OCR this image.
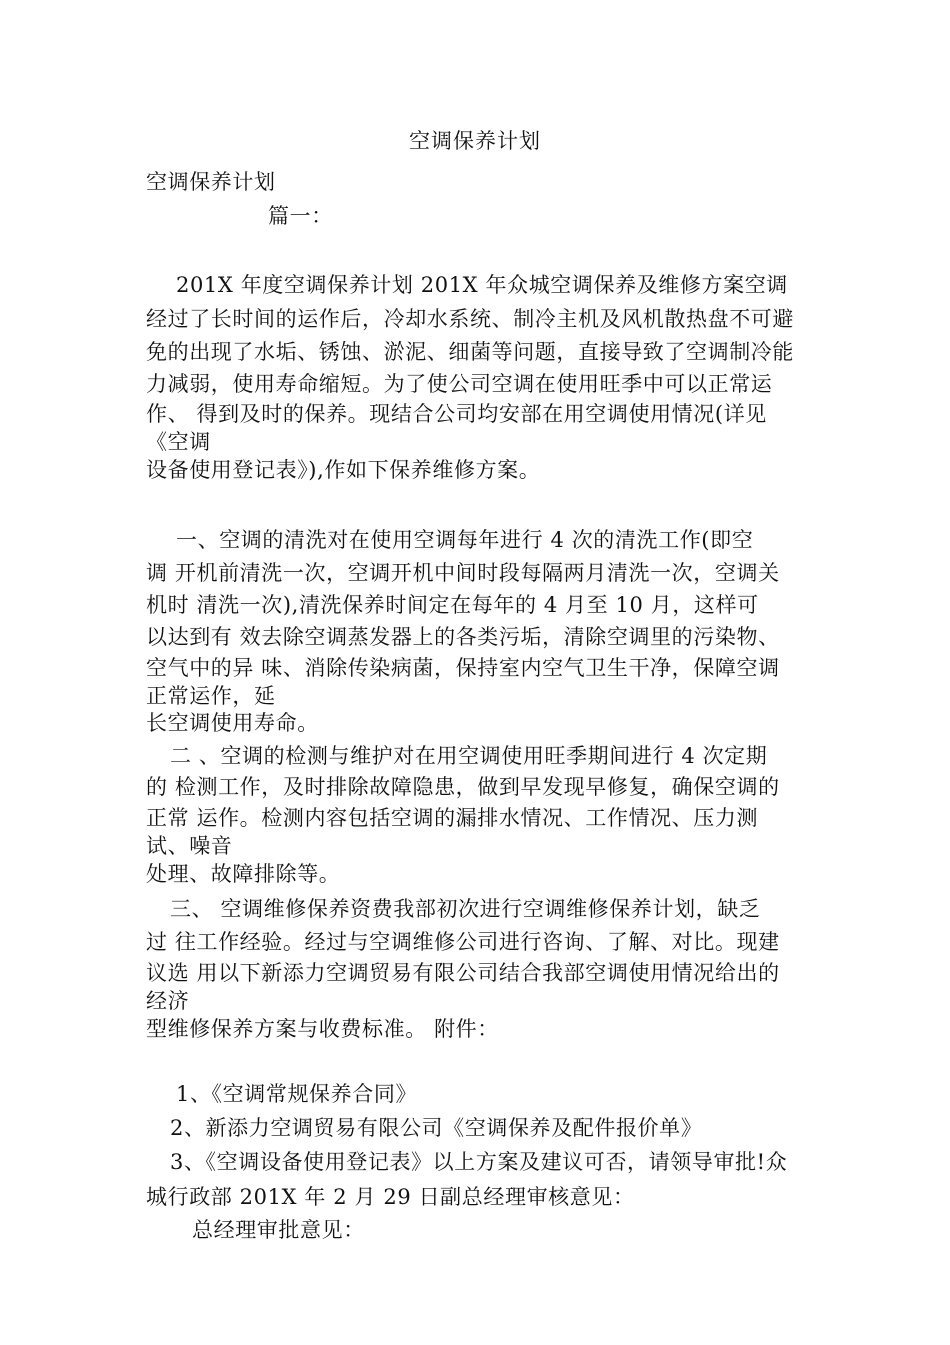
空调保养计划
空调保养计划
篇一：
201X 年度空调保养计划 201X 年众城空调保养及维修方案空调
经过了长时间的运作后，冷却水系统、制冷主机及风机散热盘不可避
免的出现了水垢、锈蚀、淤泥、细菌等问题，直接导致了空调制冷能
力减弱，使用寿命缩短。为了使公司空调在使用旺季中可以正常运
作、 得到及时的保养。现结合公司均安部在用空调使用情况(详见
《空调
设备使用登记表》),作如下保养维修方案。
一、空调的清洗对在使用空调每年进行 4 次的清洗工作(即空
调 开机前清洗一次，空调开机中间时段每隔两月清洗一次，空调关
机时 清洗一次),清洗保养时间定在每年的 4 月至 10 月，这样可
以达到有 效去除空调蒸发器上的各类污垢，清除空调里的污染物、
空气中的异 味、消除传染病菌，保持室内空气卫生干净，保障空调
正常运作，延
长空调使用寿命。
二 、空调的检测与维护对在用空调使用旺季期间进行 4 次定期
的 检测工作，及时排除故障隐患，做到早发现早修复，确保空调的
正常 运作。检测内容包括空调的漏排水情况、工作情况、压力测
试、噪音
处理、故障排除等。
三、 空调维修保养资费我部初次进行空调维修保养计划，缺乏
过 往工作经验。经过与空调维修公司进行咨询、了解、对比。现建
议选 用以下新添力空调贸易有限公司结合我部空调使用情况给出的
经济
型维修保养方案与收费标准。 附件：
1、《空调常规保养合同》
2、新添力空调贸易有限公司《空调保养及配件报价单》
3、《空调设备使用登记表》以上方案及建议可否，请领导审批!众
城行政部 201X 年 2 月 29 日副总经理审核意见：
总经理审批意见：
